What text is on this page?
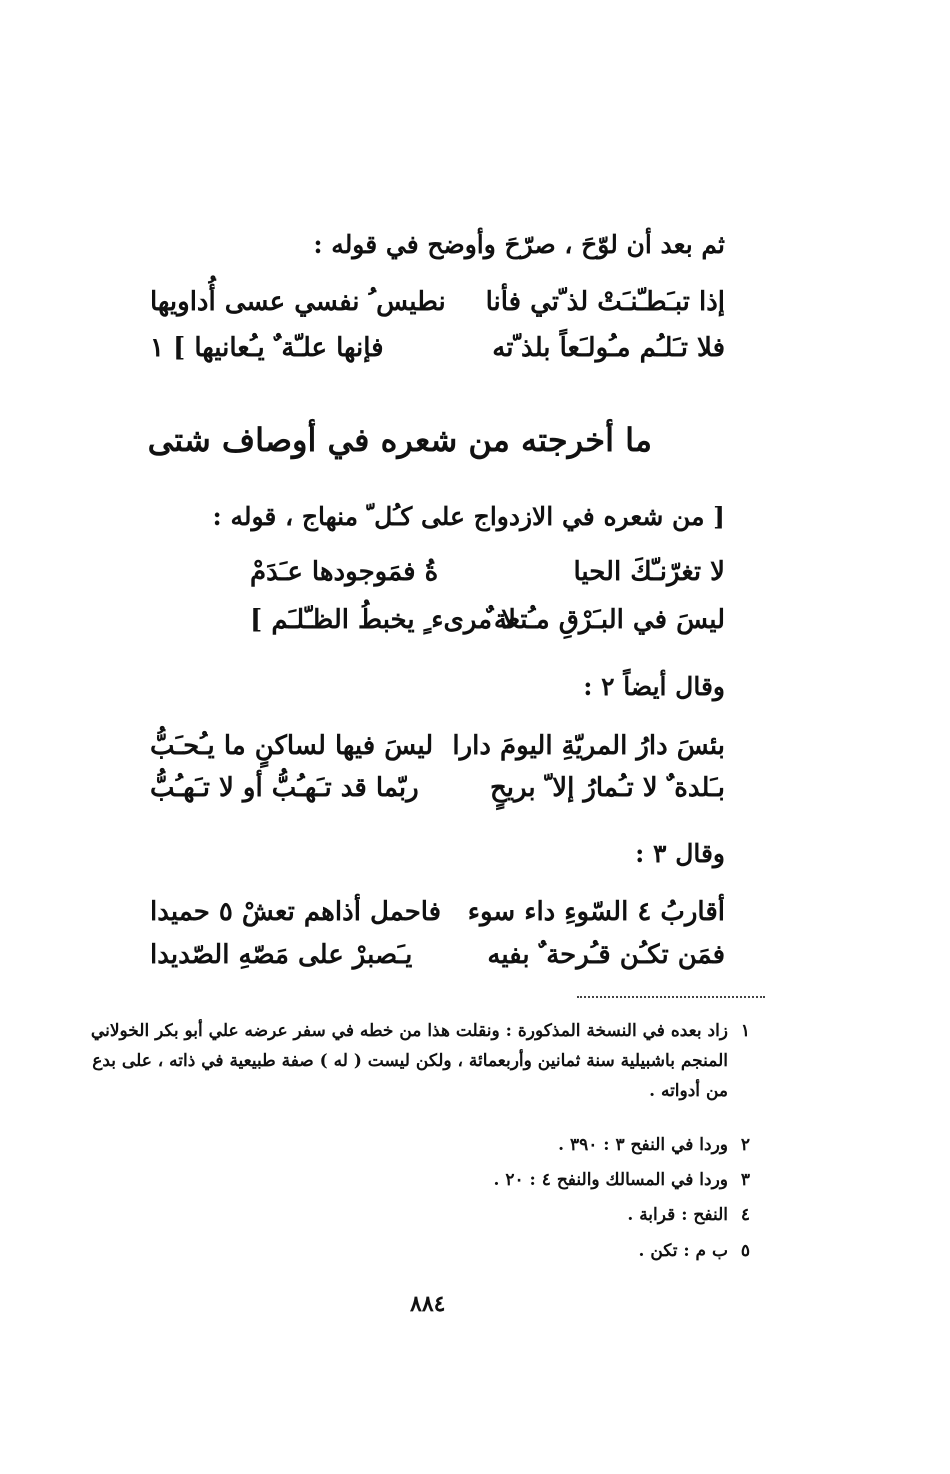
ثم بعد أن لوّحَ ، صرّحَ وأوضح في قوله :
إذا تبـَطـّنـَتْ لذ ّتي فأنا
نطيس ُ نفسي عسى أُداويها
فلا تـَلـُم مـُولـَعاً بلذ ّته
فإنها علـّة ٌ يـُعانيها ] ١
ما أخرجته من شعره في أوصاف شتى
[ من شعره في الازدواج على كـُل ّ منهاج ، قوله :
لا تغرّنـّكَ الحيا
ةُ فمَوجودها عـَدَمْ
ليسَ في البـَرْقِ مـُتعة ٌ
لا مرىء ٍ يخبطُ الظـّلـَم ]
وقال أيضاً ٢ :
بئسَ دارُ المريّةِ اليومَ دارا
ليسَ فيها لساكنٍ ما يـُحـَبُّ
بـَلدة ٌ لا تـُمارُ إلا ّ بريحٍ
ربّما قد تـَهـُبُّ أو لا تـَهـُبُّ
وقال ٣ :
أقاربُ ٤ السّوءِ داء سوء
فاحمل أذاهم تعشْ ٥ حميدا
فمَن تكـُن قـُرحة ٌ بفيه
يـَصبرْ على مَصّهِ الصّديدا
١زاد بعده في النسخة المذكورة : ونقلت هذا من خطه في سفر عرضه علي أبو بكر الخولاني
المنجم باشبيلية سنة ثمانين وأربعمائة ، ولكن ليست ( له ) صفة طبيعية في ذاته ، على بدع
من أدواته .
٢وردا في النفح ٣ : ٣٩٠ .
٣وردا في المسالك والنفح ٤ : ٢٠ .
٤النفح : قرابة .
٥ب م : تكن .
٨٨٤
